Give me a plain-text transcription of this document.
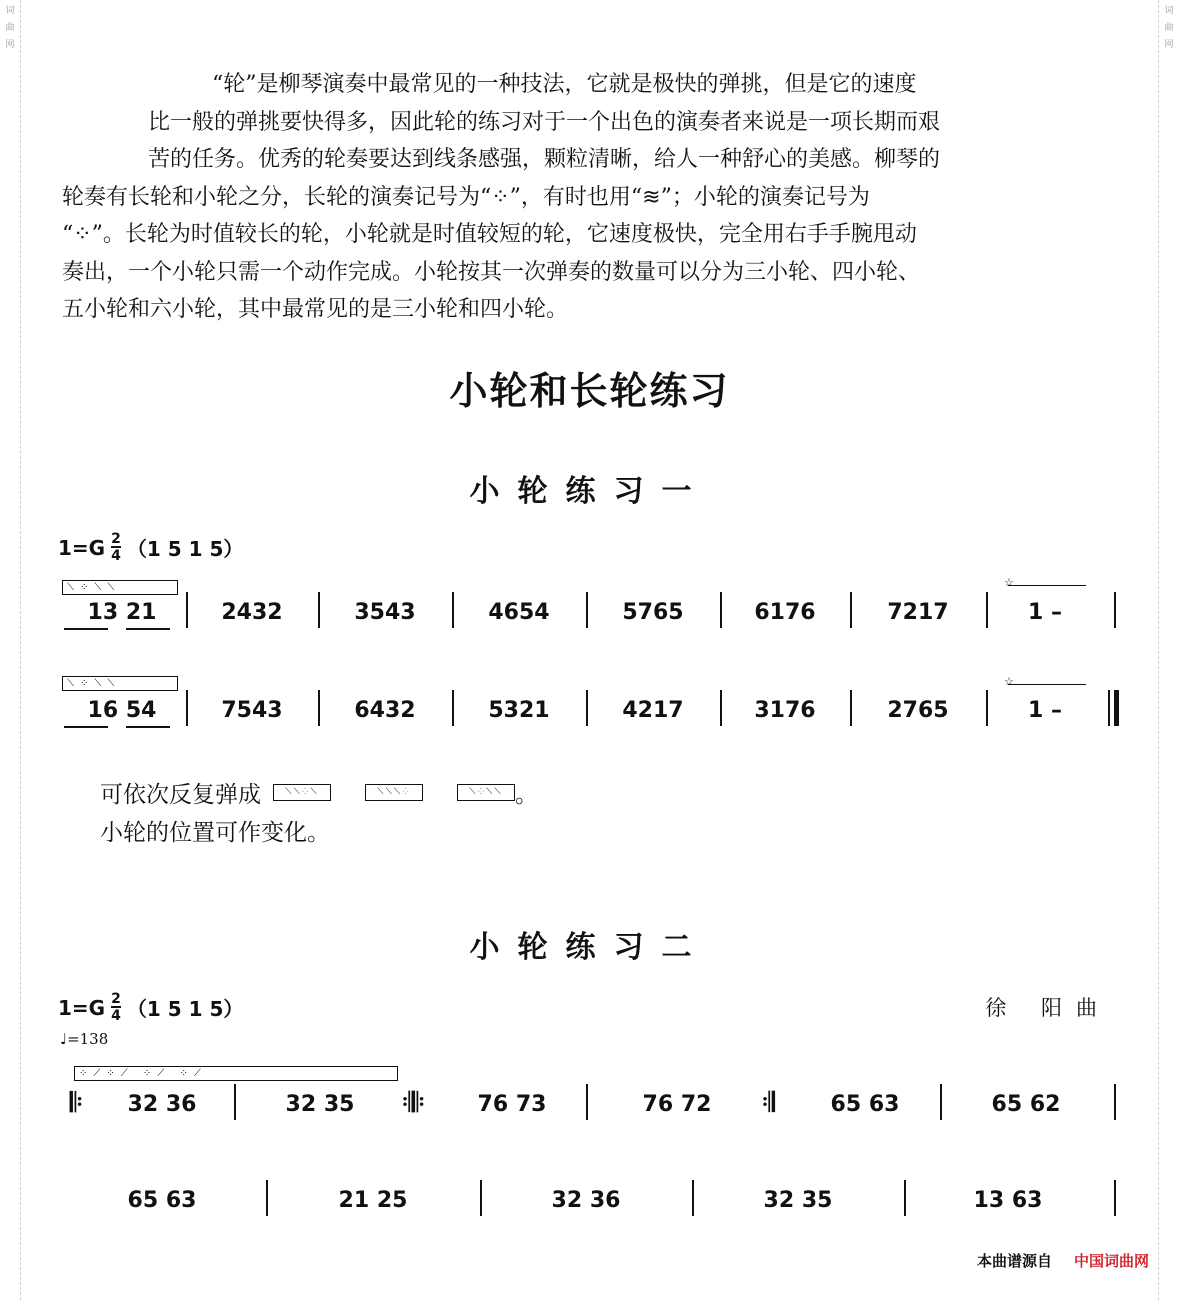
词
曲
网
词
曲
网

“轮”是柳琴演奏中最常见的一种技法，它就是极快的弹挑，但是它的速度

比一般的弹挑要快得多，因此轮的练习对于一个出色的演奏者来说是一项长期而艰

苦的任务。优秀的轮奏要达到线条感强，颗粒清晰，给人一种舒心的美感。柳琴的

轮奏有长轮和小轮之分，长轮的演奏记号为“⁘”，有时也用“≋”；小轮的演奏记号为

“⁘”。长轮为时值较长的轮，小轮就是时值较短的轮，它速度极快，完全用右手手腕甩动

奏出，一个小轮只需一个动作完成。小轮按其一次弹奏的数量可以分为三小轮、四小轮、

五小轮和六小轮，其中最常见的是三小轮和四小轮。

小轮和长轮练习
小轮练习一
$1=G \frac{2}{4} (1$ 5 1 5）
⟍⁘⟍⟍	☆
13 21	2432	3543	4654	5765	6176	7217	1 –
⟍⁘⟍⟍	☆
16 54	7543	6432	5321	4217	3176	2765	1 –
可依次反复弹成	⟍⟍⁘⟍	⟍⟍⟍⁘	⟍⁘⟍⟍ 。
小轮的位置可作变化。
小轮练习二
$1=G \frac{2}{4} (1$ 5 1 5）	徐 阳曲
♩=138
⁘⟋⁘⟋ ⁘⟋ ⁘⟋
𝄆	32 36	32 35	𝄇𝄆	76 73	76 72	𝄇	65 63	65 62
65 63	21 25	32 36	32 35	13 63
本曲谱源自 中国词曲网
